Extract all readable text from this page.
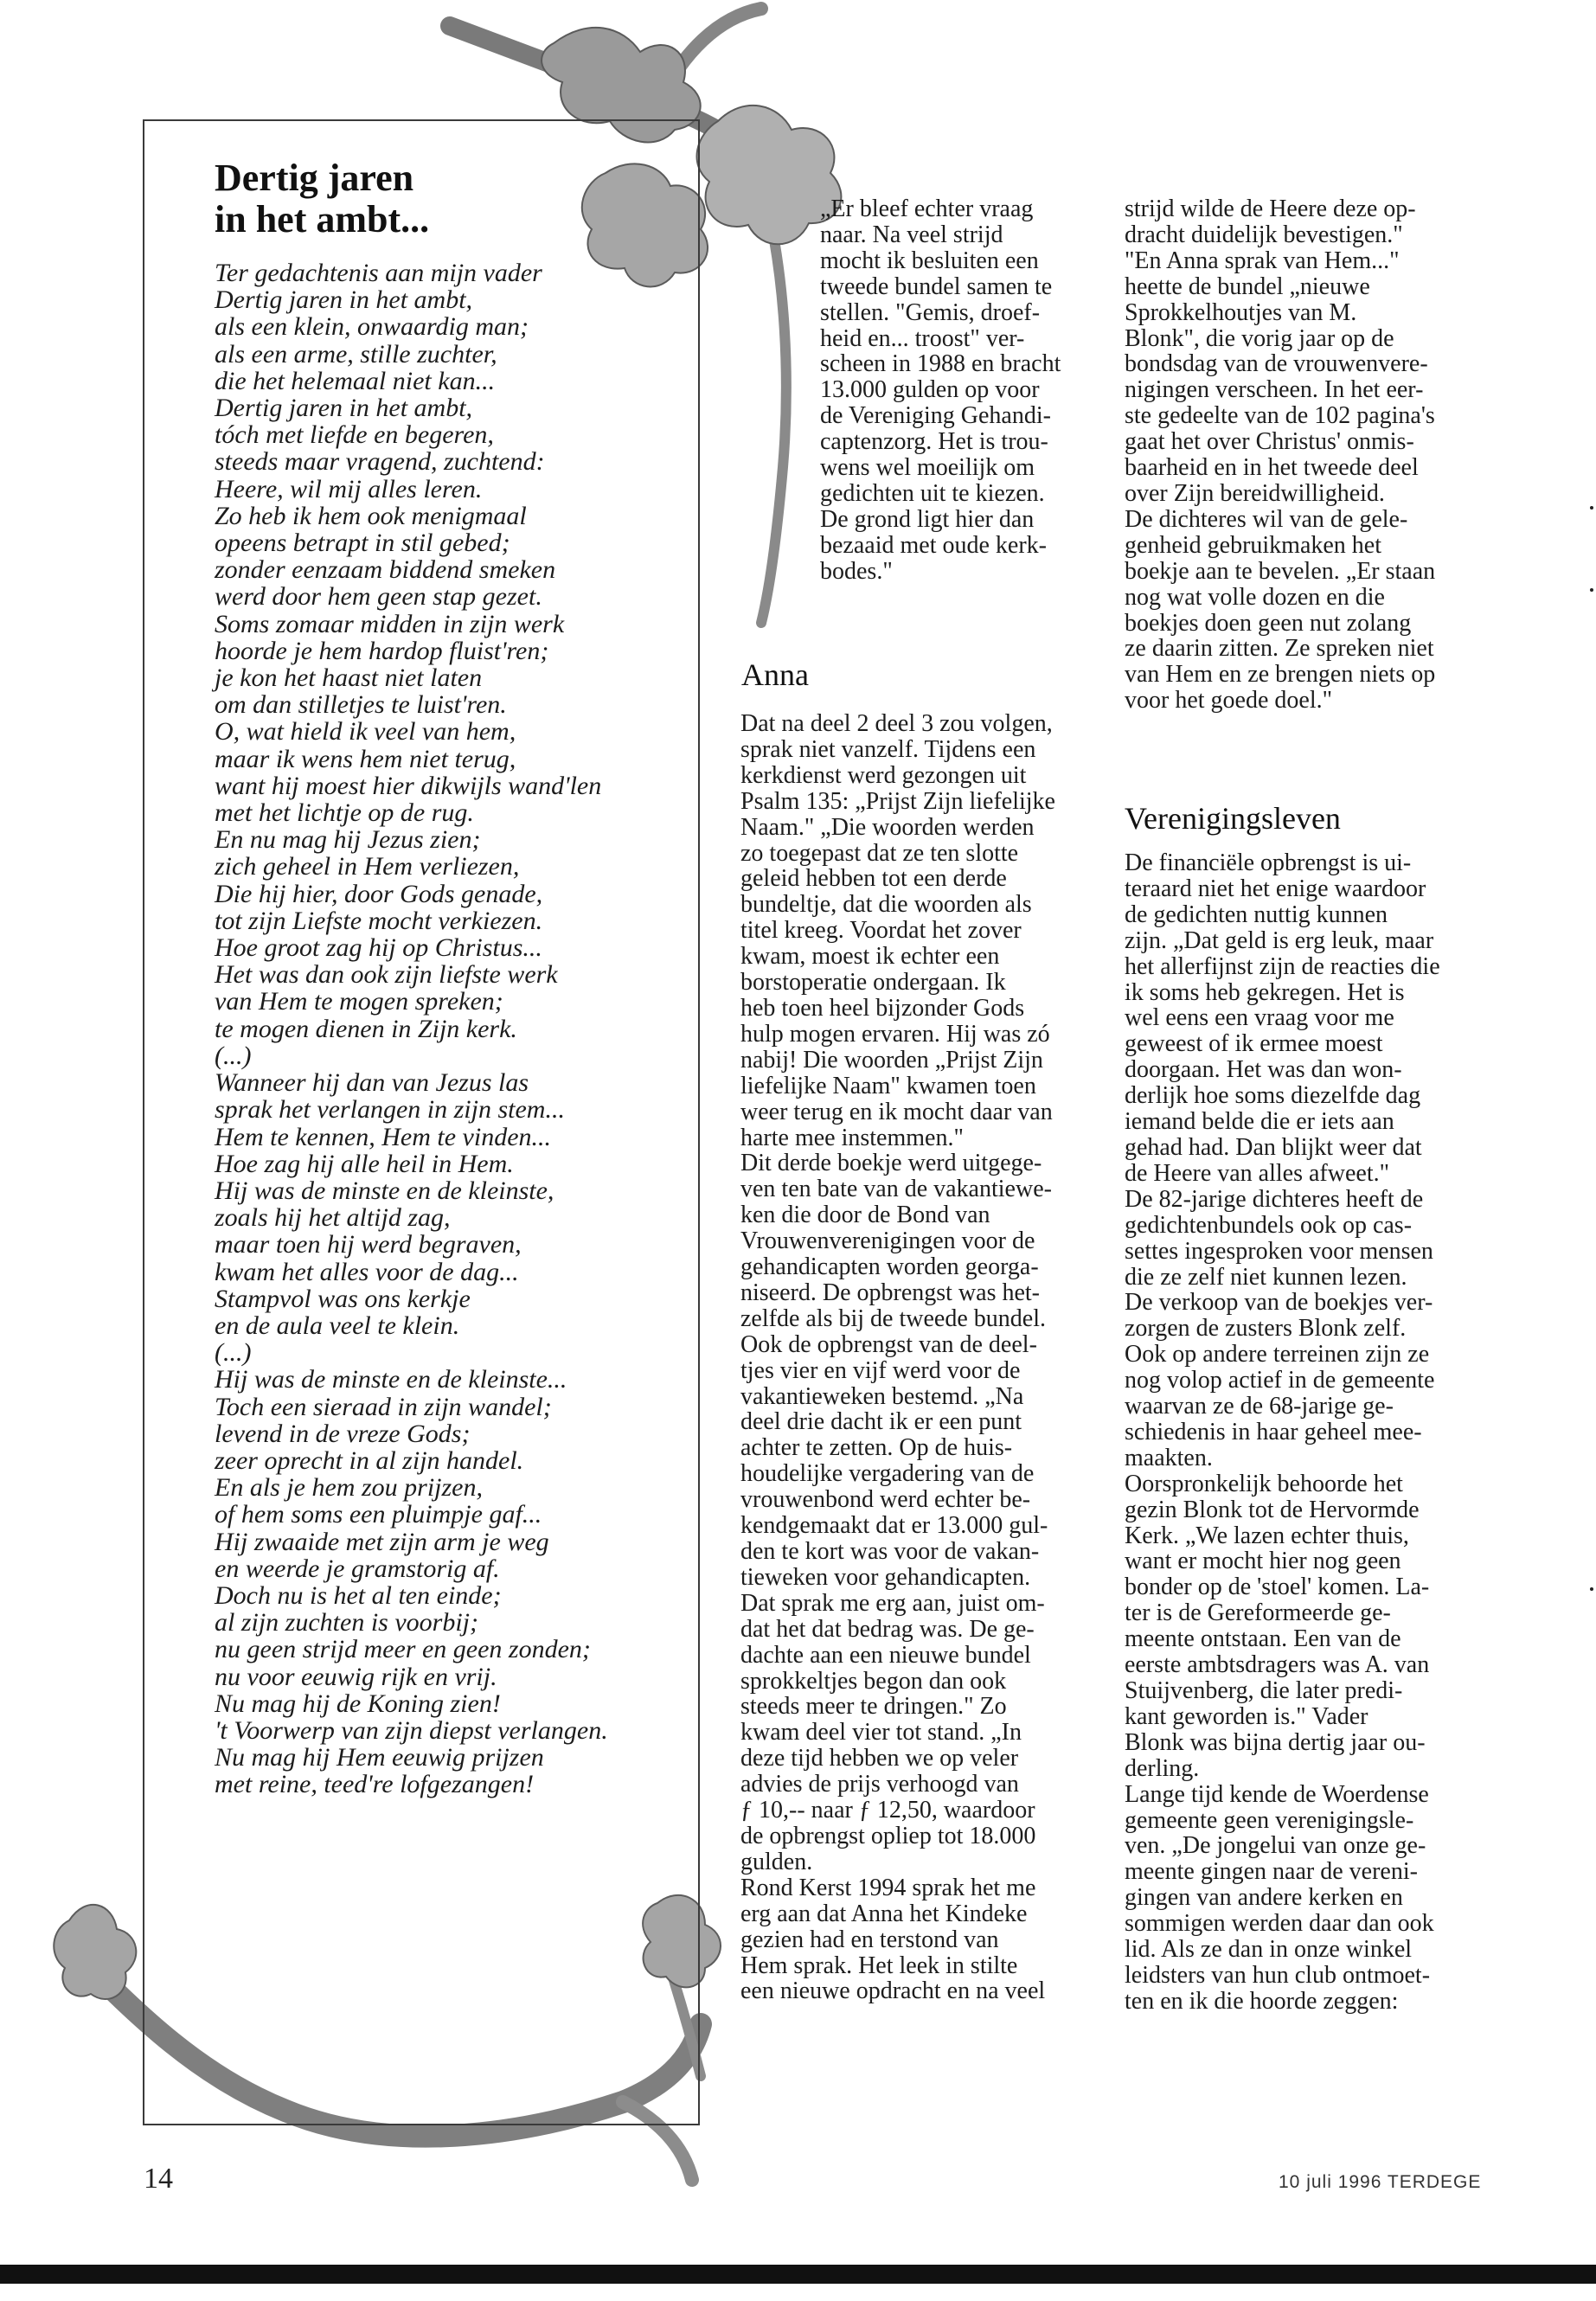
Dertig jaren
in het ambt...
Ter gedachtenis aan mijn vader
Dertig jaren in het ambt,
als een klein, onwaardig man;
als een arme, stille zuchter,
die het helemaal niet kan...
Dertig jaren in het ambt,
tóch met liefde en begeren,
steeds maar vragend, zuchtend:
Heere, wil mij alles leren.
Zo heb ik hem ook menigmaal
opeens betrapt in stil gebed;
zonder eenzaam biddend smeken
werd door hem geen stap gezet.
Soms zomaar midden in zijn werk
hoorde je hem hardop fluist'ren;
je kon het haast niet laten
om dan stilletjes te luist'ren.
O, wat hield ik veel van hem,
maar ik wens hem niet terug,
want hij moest hier dikwijls wand'len
met het lichtje op de rug.
En nu mag hij Jezus zien;
zich geheel in Hem verliezen,
Die hij hier, door Gods genade,
tot zijn Liefste mocht verkiezen.
Hoe groot zag hij op Christus...
Het was dan ook zijn liefste werk
van Hem te mogen spreken;
te mogen dienen in Zijn kerk.
(...)
Wanneer hij dan van Jezus las
sprak het verlangen in zijn stem...
Hem te kennen, Hem te vinden...
Hoe zag hij alle heil in Hem.
Hij was de minste en de kleinste,
zoals hij het altijd zag,
maar toen hij werd begraven,
kwam het alles voor de dag...
Stampvol was ons kerkje
en de aula veel te klein.
(...)
Hij was de minste en de kleinste...
Toch een sieraad in zijn wandel;
levend in de vreze Gods;
zeer oprecht in al zijn handel.
En als je hem zou prijzen,
of hem soms een pluimpje gaf...
Hij zwaaide met zijn arm je weg
en weerde je gramstorig af.
Doch nu is het al ten einde;
al zijn zuchten is voorbij;
nu geen strijd meer en geen zonden;
nu voor eeuwig rijk en vrij.
Nu mag hij de Koning zien!
't Voorwerp van zijn diepst verlangen.
Nu mag hij Hem eeuwig prijzen
met reine, teed're lofgezangen!
„Er bleef echter vraag
naar. Na veel strijd
mocht ik besluiten een
tweede bundel samen te
stellen. "Gemis, droef-
heid en... troost" ver-
scheen in 1988 en bracht
13.000 gulden op voor
de Vereniging Gehandi-
captenzorg. Het is trou-
wens wel moeilijk om
gedichten uit te kiezen.
De grond ligt hier dan
bezaaid met oude kerk-
bodes."
Anna
Dat na deel 2 deel 3 zou volgen,
sprak niet vanzelf. Tijdens een
kerkdienst werd gezongen uit
Psalm 135: „Prijst Zijn liefelijke
Naam." „Die woorden werden
zo toegepast dat ze ten slotte
geleid hebben tot een derde
bundeltje, dat die woorden als
titel kreeg. Voordat het zover
kwam, moest ik echter een
borstoperatie ondergaan. Ik
heb toen heel bijzonder Gods
hulp mogen ervaren. Hij was zó
nabij! Die woorden „Prijst Zijn
liefelijke Naam" kwamen toen
weer terug en ik mocht daar van
harte mee instemmen."
Dit derde boekje werd uitgege-
ven ten bate van de vakantiewe-
ken die door de Bond van
Vrouwenverenigingen voor de
gehandicapten worden georga-
niseerd. De opbrengst was het-
zelfde als bij de tweede bundel.
Ook de opbrengst van de deel-
tjes vier en vijf werd voor de
vakantieweken bestemd. „Na
deel drie dacht ik er een punt
achter te zetten. Op de huis-
houdelijke vergadering van de
vrouwenbond werd echter be-
kendgemaakt dat er 13.000 gul-
den te kort was voor de vakan-
tieweken voor gehandicapten.
Dat sprak me erg aan, juist om-
dat het dat bedrag was. De ge-
dachte aan een nieuwe bundel
sprokkeltjes begon dan ook
steeds meer te dringen." Zo
kwam deel vier tot stand. „In
deze tijd hebben we op veler
advies de prijs verhoogd van
ƒ 10,-- naar ƒ 12,50, waardoor
de opbrengst opliep tot 18.000
gulden.
Rond Kerst 1994 sprak het me
erg aan dat Anna het Kindeke
gezien had en terstond van
Hem sprak. Het leek in stilte
een nieuwe opdracht en na veel
strijd wilde de Heere deze op-
dracht duidelijk bevestigen."
"En Anna sprak van Hem..."
heette de bundel „nieuwe
Sprokkelhoutjes van M.
Blonk", die vorig jaar op de
bondsdag van de vrouwenvere-
nigingen verscheen. In het eer-
ste gedeelte van de 102 pagina's
gaat het over Christus' onmis-
baarheid en in het tweede deel
over Zijn bereidwilligheid.
De dichteres wil van de gele-
genheid gebruikmaken het
boekje aan te bevelen. „Er staan
nog wat volle dozen en die
boekjes doen geen nut zolang
ze daarin zitten. Ze spreken niet
van Hem en ze brengen niets op
voor het goede doel."
Verenigingsleven
De financiële opbrengst is ui-
teraard niet het enige waardoor
de gedichten nuttig kunnen
zijn. „Dat geld is erg leuk, maar
het allerfijnst zijn de reacties die
ik soms heb gekregen. Het is
wel eens een vraag voor me
geweest of ik ermee moest
doorgaan. Het was dan won-
derlijk hoe soms diezelfde dag
iemand belde die er iets aan
gehad had. Dan blijkt weer dat
de Heere van alles afweet."
De 82-jarige dichteres heeft de
gedichtenbundels ook op cas-
settes ingesproken voor mensen
die ze zelf niet kunnen lezen.
De verkoop van de boekjes ver-
zorgen de zusters Blonk zelf.
Ook op andere terreinen zijn ze
nog volop actief in de gemeente
waarvan ze de 68-jarige ge-
schiedenis in haar geheel mee-
maakten.
Oorspronkelijk behoorde het
gezin Blonk tot de Hervormde
Kerk. „We lazen echter thuis,
want er mocht hier nog geen
bonder op de 'stoel' komen. La-
ter is de Gereformeerde ge-
meente ontstaan. Een van de
eerste ambtsdragers was A. van
Stuijvenberg, die later predi-
kant geworden is." Vader
Blonk was bijna dertig jaar ou-
derling.
Lange tijd kende de Woerdense
gemeente geen verenigingsle-
ven. „De jongelui van onze ge-
meente gingen naar de vereni-
gingen van andere kerken en
sommigen werden daar dan ook
lid. Als ze dan in onze winkel
leidsters van hun club ontmoet-
ten en ik die hoorde zeggen:
14	10 juli 1996 TERDEGE
